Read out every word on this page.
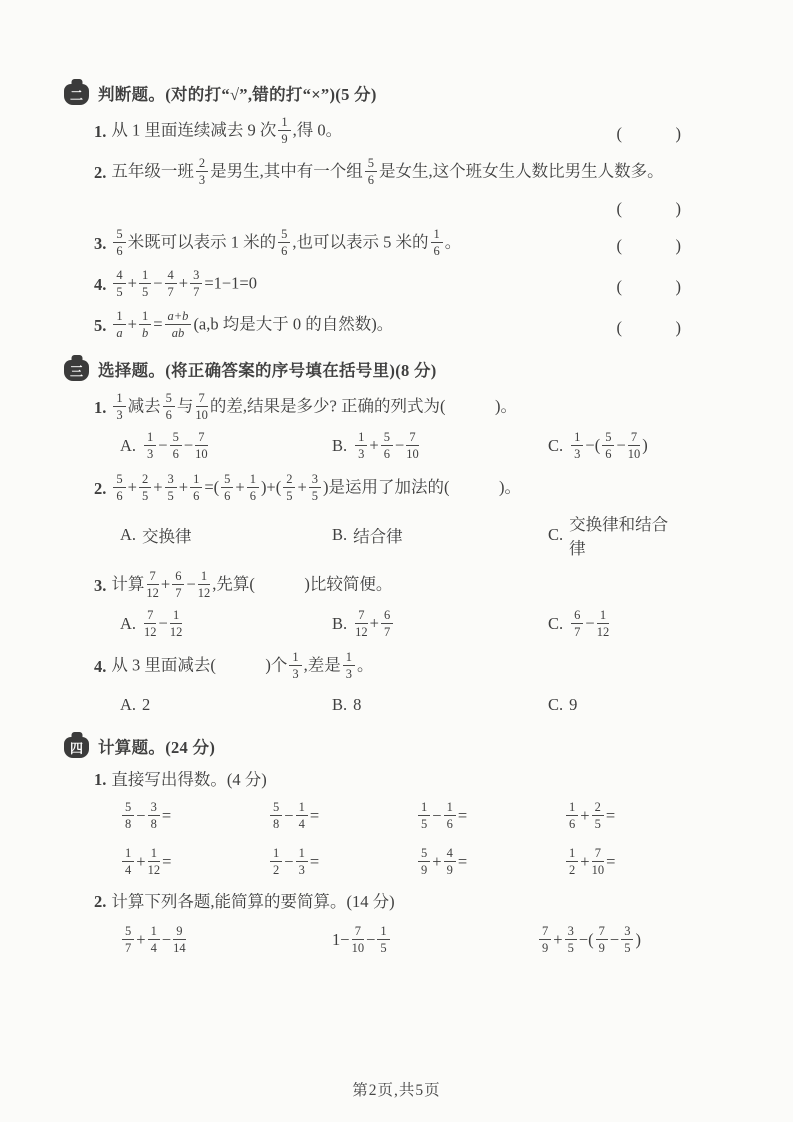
二 判断题。(对的打“√”,错的打“×”)(5 分)
1. 从 1 里面连续减去 9 次 $\frac{1}{9}$ ,得 0。	(　　　)
2. 五年级一班 $\frac{2}{3}$ 是男生,其中有一个组 $\frac{5}{6}$ 是女生,这个班女生人数比男生人数多。
(　　　)
3. $\frac{5}{6}$ 米既可以表示 1 米的 $\frac{5}{6}$ ,也可以表示 5 米的 $\frac{1}{6}$ 。	(　　　)
4. $\frac{4}{5} + \frac{1}{5} - \frac{4}{7} + \frac{3}{7} =1-1=0$	(　　　)
5. $\frac{1}{a} + \frac{1}{b} = \frac{a+b}{ab} (a,b$ 均是大于 0 的自然数)。	(　　　)
三 选择题。(将正确答案的序号填在括号里)(8 分)
1. $\frac{1}{3}$ 减去 $\frac{5}{6}$ 与 $\frac{7}{10}$ 的差,结果是多少? 正确的列式为(　　　)。
A. $\frac{1}{3} - \frac{5}{6} - \frac{7}{10}$	B. $\frac{1}{3} + \frac{5}{6} - \frac{7}{10}$	C. $\frac{1}{3}$ −( $\frac{5}{6} - \frac{7}{10}$ )
2. $\frac{5}{6} + \frac{2}{5} + \frac{3}{5} + \frac{1}{6}$ =( $\frac{5}{6} + \frac{1}{6}$ )+( $\frac{2}{5} + \frac{3}{5}$ )是运用了加法的(　　　)。
A. 交换律	B. 结合律	C.
交换律和结合律
3. 计算 $\frac{7}{12} + \frac{6}{7} - \frac{1}{12}$ ,先算(　　　)比较简便。
A. $\frac{7}{12} - \frac{1}{12}$	B. $\frac{7}{12} + \frac{6}{7}$	C. $\frac{6}{7} - \frac{1}{12}$
4. 从 3 里面减去(　　　)个 $\frac{1}{3}$ ,差是 $\frac{1}{3}$ 。
A. 2	B. 8	C. 9
四 计算题。(24 分)
1. 直接写出得数。(4 分)
$\frac{5}{8} - \frac{3}{8}$ =	$\frac{5}{8} - \frac{1}{4}$ =	$\frac{1}{5} - \frac{1}{6}$ =	$\frac{1}{6} + \frac{2}{5}$ =
$\frac{1}{4} + \frac{1}{12}$ =	$\frac{1}{2} - \frac{1}{3}$ =	$\frac{5}{9} + \frac{4}{9}$ =	$\frac{1}{2} + \frac{7}{10}$ =
2. 计算下列各题,能简算的要简算。(14 分)
$\frac{5}{7} + \frac{1}{4} - \frac{9}{14}$	$1- \frac{7}{10} - \frac{1}{5}$	$\frac{7}{9} + \frac{3}{5}$ −( $\frac{7}{9} - \frac{3}{5}$ )
第2页,共5页
